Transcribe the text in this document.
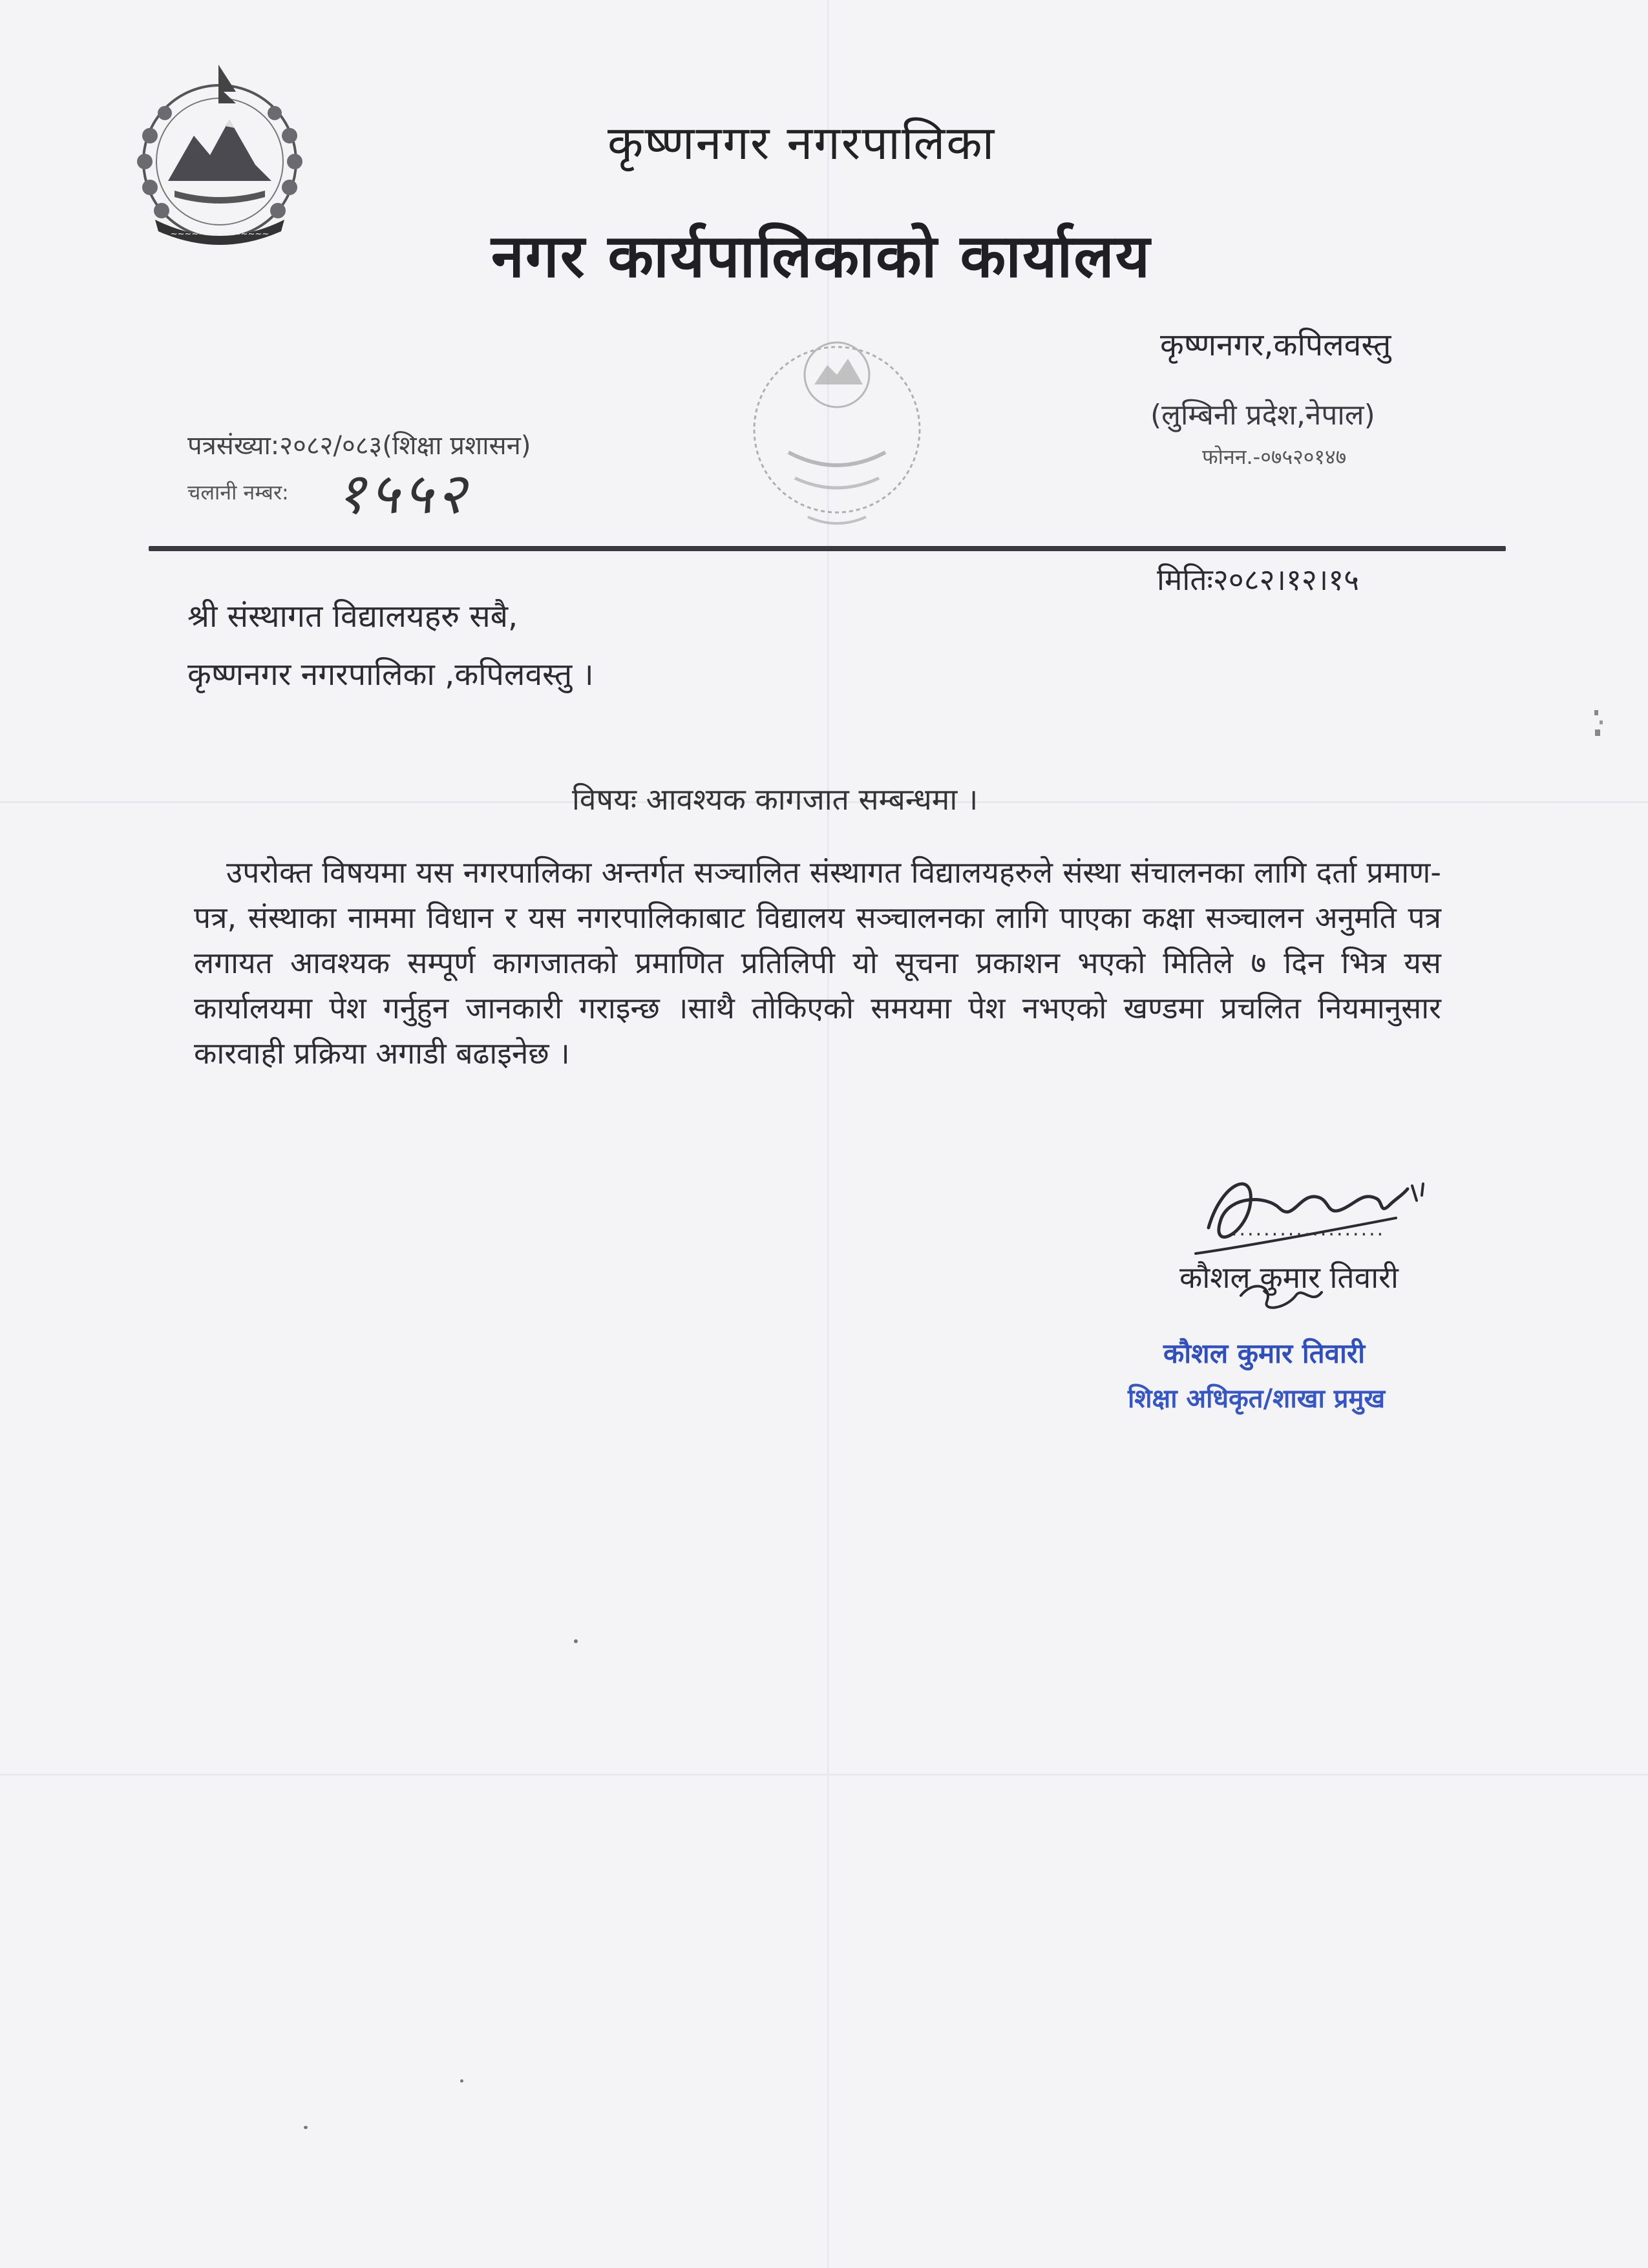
~~~~~~~~~~~~~~
कृष्णनगर नगरपालिका
नगर कार्यपालिकाको कार्यालय
कृष्णनगर,कपिलवस्तु
(लुम्बिनी प्रदेश,नेपाल)
फोनन.-०७५२०१४७
पत्रसंख्या:२०८२/०८३(शिक्षा प्रशासन)
चलानी नम्बर: १५५२
मितिः२०८२।१२।१५
श्री संस्थागत विद्यालयहरु सबै,
कृष्णनगर नगरपालिका ,कपिलवस्तु ।
विषयः आवश्यक कागजात सम्बन्धमा ।
उपरोक्त विषयमा यस नगरपालिका अन्तर्गत सञ्चालित संस्थागत विद्यालयहरुले संस्था संचालनका लागि दर्ता प्रमाण-पत्र, संस्थाका नाममा विधान र यस नगरपालिकाबाट विद्यालय सञ्चालनका लागि पाएका कक्षा सञ्चालन अनुमति पत्र लगायत आवश्यक सम्पूर्ण कागजातको प्रमाणित प्रतिलिपी यो सूचना प्रकाशन भएको मितिले ७ दिन भित्र यस कार्यालयमा पेश गर्नुहुन जानकारी गराइन्छ ।साथै तोकिएको समयमा पेश नभएको खण्डमा प्रचलित नियमानुसार कारवाही प्रक्रिया अगाडी बढाइनेछ ।
...................
कौशल कुमार तिवारी
कौशल कुमार तिवारी
शिक्षा अधिकृत/शाखा प्रमुख
